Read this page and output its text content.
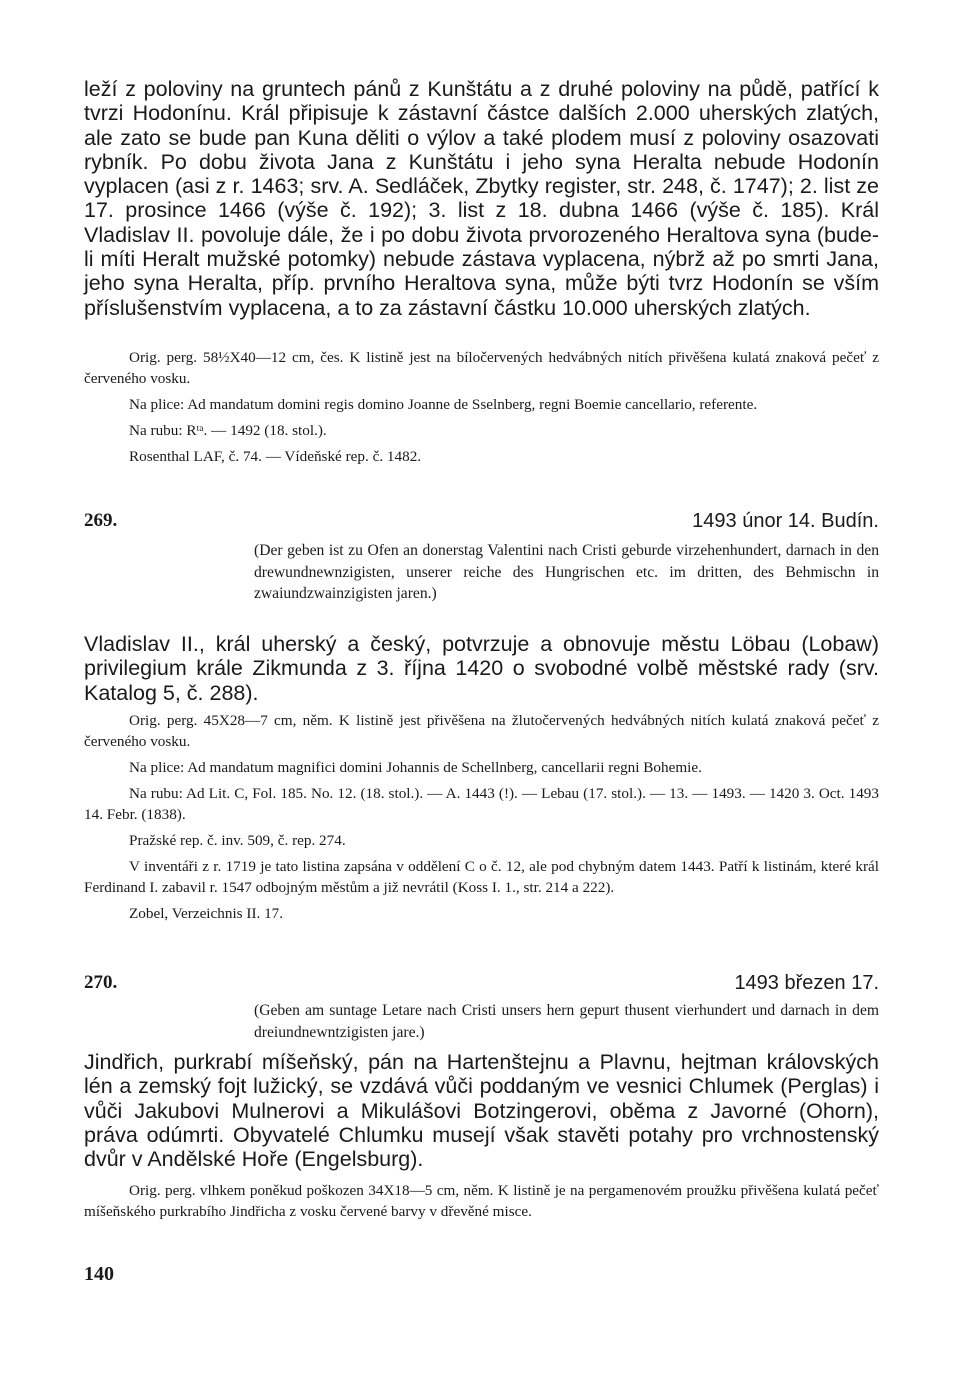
leží z poloviny na gruntech pánů z Kunštátu a z druhé poloviny na půdě, patřící k tvrzi Hodonínu. Král připisuje k zástavní částce dalších 2.000 uherských zlatých, ale zato se bude pan Kuna děliti o výlov a také plodem musí z poloviny osazovati rybník. Po dobu života Jana z Kunštátu i jeho syna Heralta nebude Hodonín vyplacen (asi z r. 1463; srv. A. Sedláček, Zbytky register, str. 248, č. 1747); 2. list ze 17. prosince 1466 (výše č. 192); 3. list z 18. dubna 1466 (výše č. 185). Král Vladislav II. povoluje dále, že i po dobu života prvorozeného Heraltova syna (bude-li míti Heralt mužské potomky) nebude zástava vyplacena, nýbrž až po smrti Jana, jeho syna Heralta, příp. prvního Heraltova syna, může býti tvrz Hodonín se vším příslušenstvím vyplacena, a to za zástavní částku 10.000 uherských zlatých.

Orig. perg. 58½X40—12 cm, čes. K listině jest na bíločervených hedvábných nitích přivěšena kulatá znaková pečeť z červeného vosku.

Na plice: Ad mandatum domini regis domino Joanne de Sselnberg, regni Boemie cancellario, referente.

Na rubu: Rᵗᵃ. — 1492 (18. stol.).

Rosenthal LAF, č. 74. — Vídeňské rep. č. 1482.

269.	1493 únor 14. Budín.

(Der geben ist zu Ofen an donerstag Valentini nach Cristi geburde virzehenhundert, darnach in den drewundnewnzigisten, unserer reiche des Hungrischen etc. im dritten, des Behmischn in zwaiundzwainzigisten jaren.)

Vladislav II., král uherský a český, potvrzuje a obnovuje městu Löbau (Lobaw) privilegium krále Zikmunda z 3. října 1420 o svobodné volbě městské rady (srv. Katalog 5, č. 288).

Orig. perg. 45X28—7 cm, něm. K listině jest přivěšena na žlutočervených hedvábných nitích kulatá znaková pečeť z červeného vosku.

Na plice: Ad mandatum magnifici domini Johannis de Schellnberg, cancellarii regni Bohemie.

Na rubu: Ad Lit. C, Fol. 185. No. 12. (18. stol.). — A. 1443 (!). — Lebau (17. stol.). — 13. — 1493. — 1420 3. Oct. 1493 14. Febr. (1838).

Pražské rep. č. inv. 509, č. rep. 274.

V inventáři z r. 1719 je tato listina zapsána v oddělení C o č. 12, ale pod chybným datem 1443. Patří k listinám, které král Ferdinand I. zabavil r. 1547 odbojným městům a již nevrátil (Koss I. 1., str. 214 a 222).

Zobel, Verzeichnis II. 17.

270.	1493 březen 17.

(Geben am suntage Letare nach Cristi unsers hern gepurt thusent vierhundert und darnach in dem dreiundnewntzigisten jare.)

Jindřich, purkrabí míšeňský, pán na Hartenštejnu a Plavnu, hejtman královských lén a zemský fojt lužický, se vzdává vůči poddaným ve vesnici Chlumek (Perglas) i vůči Jakubovi Mulnerovi a Mikulášovi Botzingerovi, oběma z Javorné (Ohorn), práva odúmrti. Obyvatelé Chlumku musejí však stavěti potahy pro vrchnostenský dvůr v Andělské Hoře (Engelsburg).

Orig. perg. vlhkem poněkud poškozen 34X18—5 cm, něm. K listině je na pergamenovém proužku přivěšena kulatá pečeť míšeňského purkrabího Jindřicha z vosku červené barvy v dřevěné misce.

140
